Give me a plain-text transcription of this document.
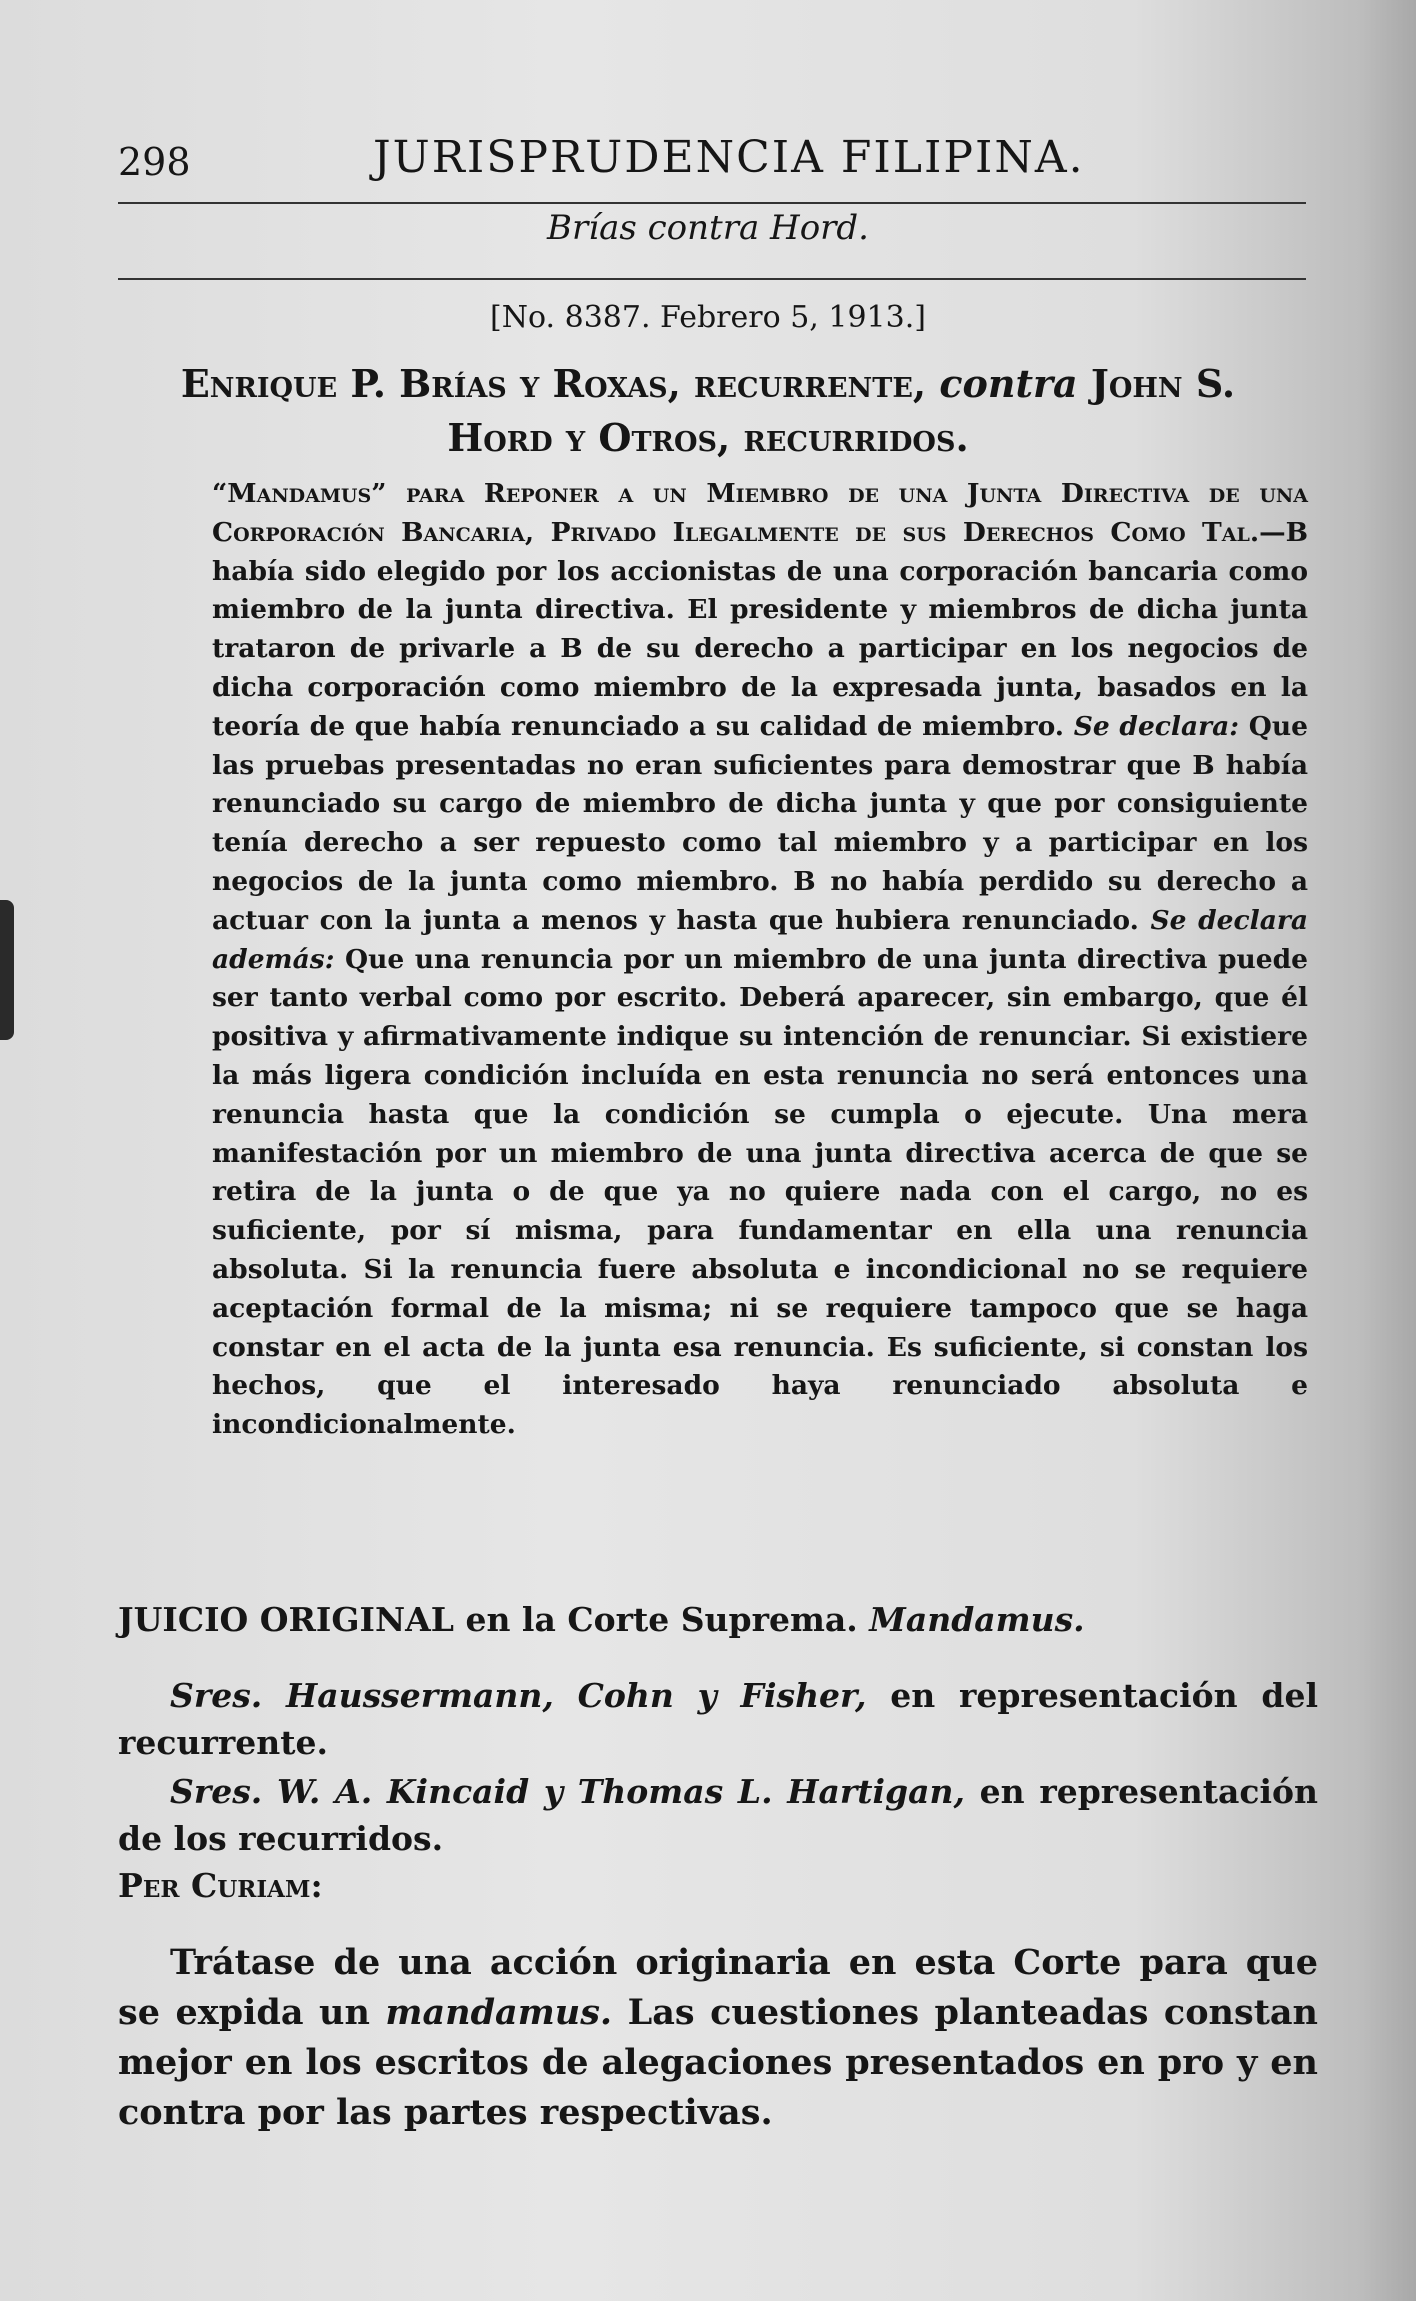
298	JURISPRUDENCIA FILIPINA.
Brías contra Hord.
[No. 8387. Febrero 5, 1913.]
Enrique P. Brías y Roxas, recurrente, contra John S.
Hord y Otros, recurridos.
“Mandamus” para Reponer a un Miembro de una Junta Directiva de una Corporación Bancaria, Privado Ilegalmente de sus Derechos Como Tal.—B había sido elegido por los accionistas de una corporación bancaria como miembro de la junta directiva. El presidente y miembros de dicha junta trataron de privarle a B de su derecho a participar en los negocios de dicha corporación como miembro de la expresada junta, basados en la teoría de que había renunciado a su calidad de miembro. Se declara: Que las pruebas presentadas no eran suficientes para demostrar que B había renunciado su cargo de miembro de dicha junta y que por consiguiente tenía derecho a ser repuesto como tal miembro y a participar en los negocios de la junta como miembro. B no había perdido su derecho a actuar con la junta a menos y hasta que hubiera renunciado. Se declara además: Que una renuncia por un miembro de una junta directiva puede ser tanto verbal como por escrito. Deberá aparecer, sin embargo, que él positiva y afirmativamente indique su intención de renunciar. Si existiere la más ligera condición incluída en esta renuncia no será entonces una renuncia hasta que la condición se cumpla o ejecute. Una mera manifestación por un miembro de una junta directiva acerca de que se retira de la junta o de que ya no quiere nada con el cargo, no es suficiente, por sí misma, para fundamentar en ella una renuncia absoluta. Si la renuncia fuere absoluta e incondicional no se requiere aceptación formal de la misma; ni se requiere tampoco que se haga constar en el acta de la junta esa renuncia. Es suficiente, si constan los hechos, que el interesado haya renunciado absoluta e incondicionalmente.
JUICIO ORIGINAL en la Corte Suprema. Mandamus.
Sres. Haussermann, Cohn y Fisher, en representación del recurrente.
Sres. W. A. Kincaid y Thomas L. Hartigan, en representación de los recurridos.
Per Curiam:
Trátase de una acción originaria en esta Corte para que se expida un mandamus. Las cuestiones planteadas constan mejor en los escritos de alegaciones presentados en pro y en contra por las partes respectivas.
